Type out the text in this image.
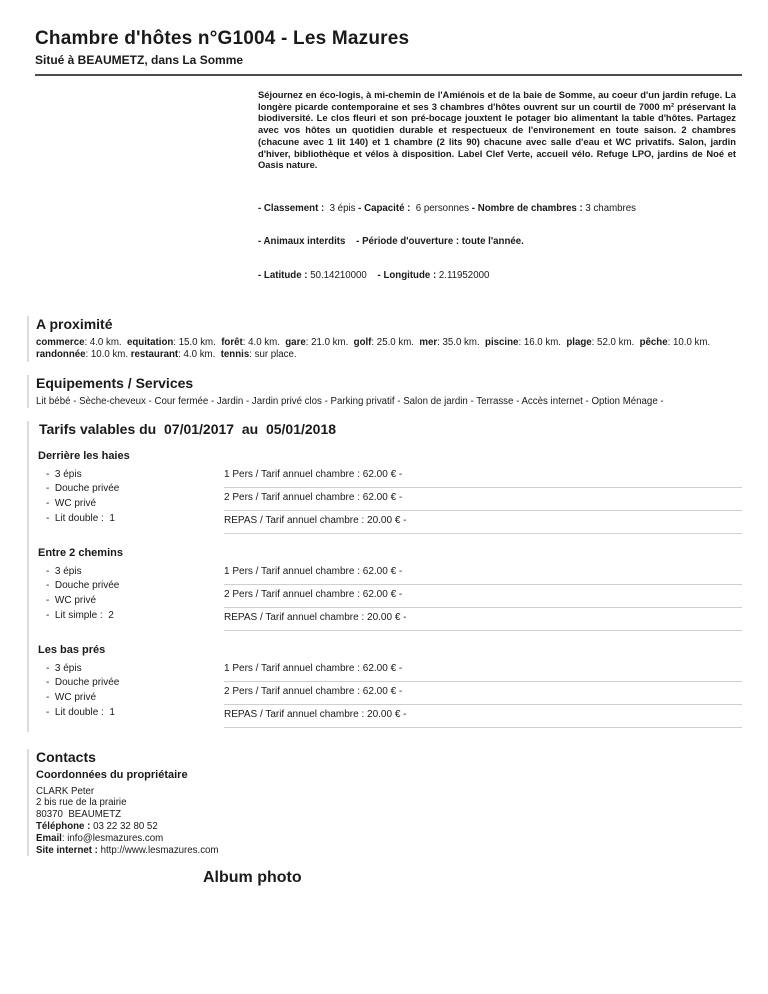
Chambre d'hôtes n°G1004 - Les Mazures
Situé à BEAUMETZ, dans La Somme
Séjournez en éco-logis, à mi-chemin de l'Amiénois et de la baie de Somme, au coeur d'un jardin refuge. La longère picarde contemporaine et ses 3 chambres d'hôtes ouvrent sur un courtil de 7000 m² préservant la biodiversité. Le clos fleuri et son pré-bocage jouxtent le potager bio alimentant la table d'hôtes. Partagez avec vos hôtes un quotidien durable et respectueux de l'environement en toute saison. 2 chambres (chacune avec 1 lit 140) et 1 chambre (2 lits 90) chacune avec salle d'eau et WC privatifs. Salon, jardin d'hiver, bibliothèque et vélos à disposition. Label Clef Verte, accueil vélo. Refuge LPO, jardins de Noé et Oasis nature.

- Classement :  3 épis - Capacité :  6 personnes - Nombre de chambres : 3 chambres

- Animaux interdits    - Période d'ouverture : toute l'année.

- Latitude : 50.14210000    - Longitude : 2.11952000

A proximité
commerce: 4.0 km.  equitation: 15.0 km.  forêt: 4.0 km.  gare: 21.0 km.  golf: 25.0 km.  mer: 35.0 km.  piscine: 16.0 km.  plage: 52.0 km.  pêche: 10.0 km.  randonnée: 10.0 km. restaurant: 4.0 km.  tennis: sur place.
Equipements / Services
Lit bébé - Sèche-cheveux - Cour fermée - Jardin - Jardin privé clos - Parking privatif - Salon de jardin - Terrasse - Accès internet - Option Ménage -
Tarifs valables du  07/01/2017  au  05/01/2018
Derrière les haies
-  3 épis
-  Douche privée
-  WC privé
-  Lit double :  1
1 Pers / Tarif annuel chambre : 62.00 € -
2 Pers / Tarif annuel chambre : 62.00 € -
REPAS / Tarif annuel chambre : 20.00 € -
Entre 2 chemins
-  3 épis
-  Douche privée
-  WC privé
-  Lit simple :  2
1 Pers / Tarif annuel chambre : 62.00 € -
2 Pers / Tarif annuel chambre : 62.00 € -
REPAS / Tarif annuel chambre : 20.00 € -
Les bas prés
-  3 épis
-  Douche privée
-  WC privé
-  Lit double :  1
1 Pers / Tarif annuel chambre : 62.00 € -
2 Pers / Tarif annuel chambre : 62.00 € -
REPAS / Tarif annuel chambre : 20.00 € -
Contacts
Coordonnées du propriétaire
CLARK Peter
2 bis rue de la prairie
80370  BEAUMETZ
Téléphone : 03 22 32 80 52
Email: info@lesmazures.com
Site internet : http://www.lesmazures.com
Album photo
